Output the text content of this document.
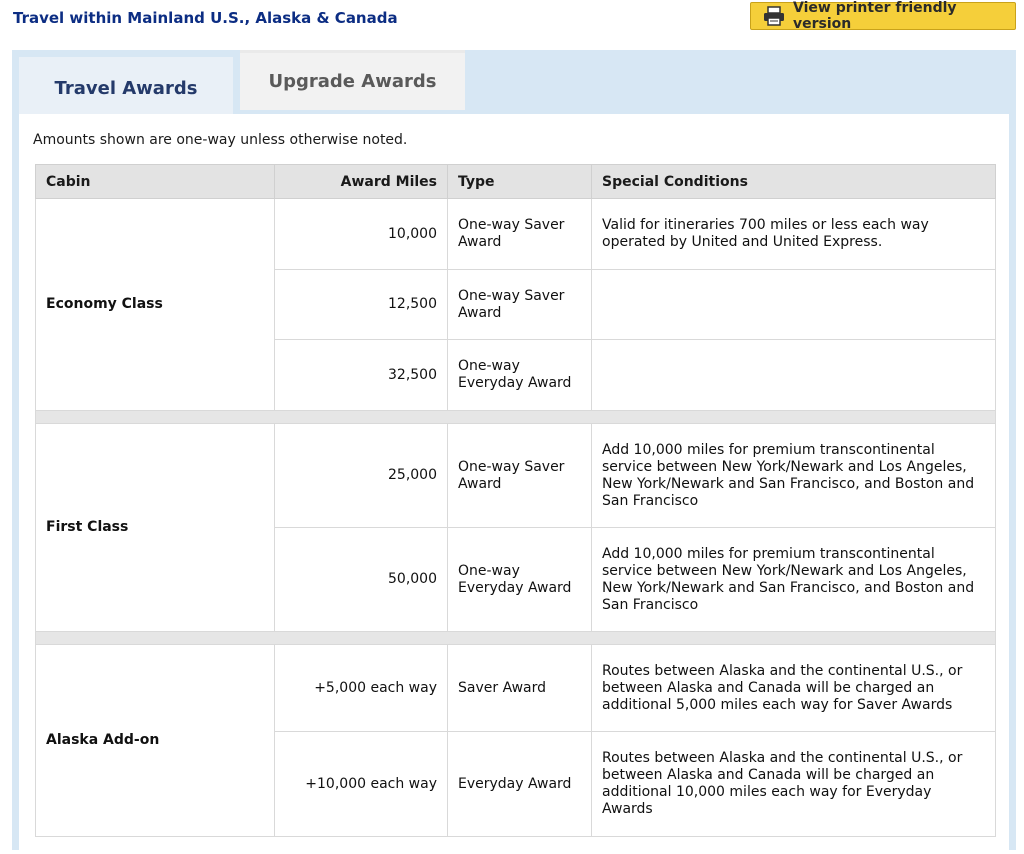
Travel within Mainland U.S., Alaska & Canada
View printer friendly version
Travel Awards	Upgrade Awards
Amounts shown are one-way unless otherwise noted.
Cabin	Award Miles	Type	Special Conditions
Economy Class	10,000	One-way Saver Award	Valid for itineraries 700 miles or less each way operated by United and United Express.
	12,500	One-way Saver Award	
	32,500	One-way Everyday Award	

First Class	25,000	One-way Saver Award	Add 10,000 miles for premium transcontinental service between New York/Newark and Los Angeles, New York/Newark and San Francisco, and Boston and San Francisco
	50,000	One-way Everyday Award	Add 10,000 miles for premium transcontinental service between New York/Newark and Los Angeles, New York/Newark and San Francisco, and Boston and San Francisco

Alaska Add-on	+5,000 each way	Saver Award	Routes between Alaska and the continental U.S., or between Alaska and Canada will be charged an additional 5,000 miles each way for Saver Awards
	+10,000 each way	Everyday Award	Routes between Alaska and the continental U.S., or between Alaska and Canada will be charged an additional 10,000 miles each way for Everyday Awards
